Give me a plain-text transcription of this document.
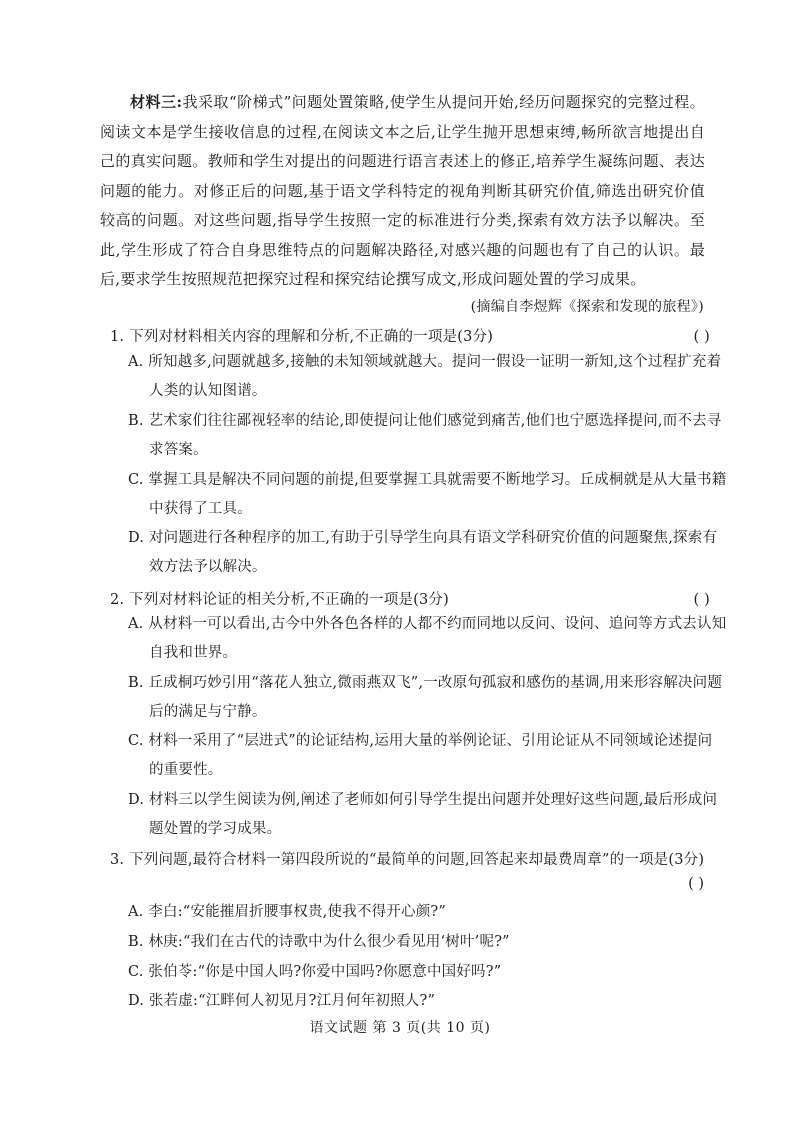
材料三:我采取“阶梯式”问题处置策略,使学生从提问开始,经历问题探究的完整过程。阅读文本是学生接收信息的过程,在阅读文本之后,让学生抛开思想束缚,畅所欲言地提出自己的真实问题。教师和学生对提出的问题进行语言表述上的修正,培养学生凝练问题、表达问题的能力。对修正后的问题,基于语文学科特定的视角判断其研究价值,筛选出研究价值较高的问题。对这些问题,指导学生按照一定的标准进行分类,探索有效方法予以解决。至此,学生形成了符合自身思维特点的问题解决路径,对感兴趣的问题也有了自己的认识。最后,要求学生按照规范把探究过程和探究结论撰写成文,形成问题处置的学习成果。

(摘编自李煜辉《探索和发现的旅程》)
1. 下列对材料相关内容的理解和分析,不正确的一项是(3分)	( )
A. 所知越多,问题就越多,接触的未知领域就越大。提问一假设一证明一新知,这个过程扩充着人类的认知图谱。
B. 艺术家们往往鄙视轻率的结论,即使提问让他们感觉到痛苦,他们也宁愿选择提问,而不去寻求答案。
C. 掌握工具是解决不同问题的前提,但要掌握工具就需要不断地学习。丘成桐就是从大量书籍中获得了工具。
D. 对问题进行各种程序的加工,有助于引导学生向具有语文学科研究价值的问题聚焦,探索有效方法予以解决。
2. 下列对材料论证的相关分析,不正确的一项是(3分)	( )
A. 从材料一可以看出,古今中外各色各样的人都不约而同地以反问、设问、追问等方式去认知自我和世界。
B. 丘成桐巧妙引用“落花人独立,微雨燕双飞”,一改原句孤寂和感伤的基调,用来形容解决问题后的满足与宁静。
C. 材料一采用了“层进式”的论证结构,运用大量的举例论证、引用论证从不同领域论述提问的重要性。
D. 材料三以学生阅读为例,阐述了老师如何引导学生提出问题并处理好这些问题,最后形成问题处置的学习成果。
3. 下列问题,最符合材料一第四段所说的“最简单的问题,回答起来却最费周章”的一项是(3分)
( )
A. 李白:“安能摧眉折腰事权贵,使我不得开心颜?”
B. 林庚:“我们在古代的诗歌中为什么很少看见用‘树叶’呢?”
C. 张伯苓:“你是中国人吗?你爱中国吗?你愿意中国好吗?”
D. 张若虚:“江畔何人初见月?江月何年初照人?”
语文试题 第 3 页(共 10 页)
